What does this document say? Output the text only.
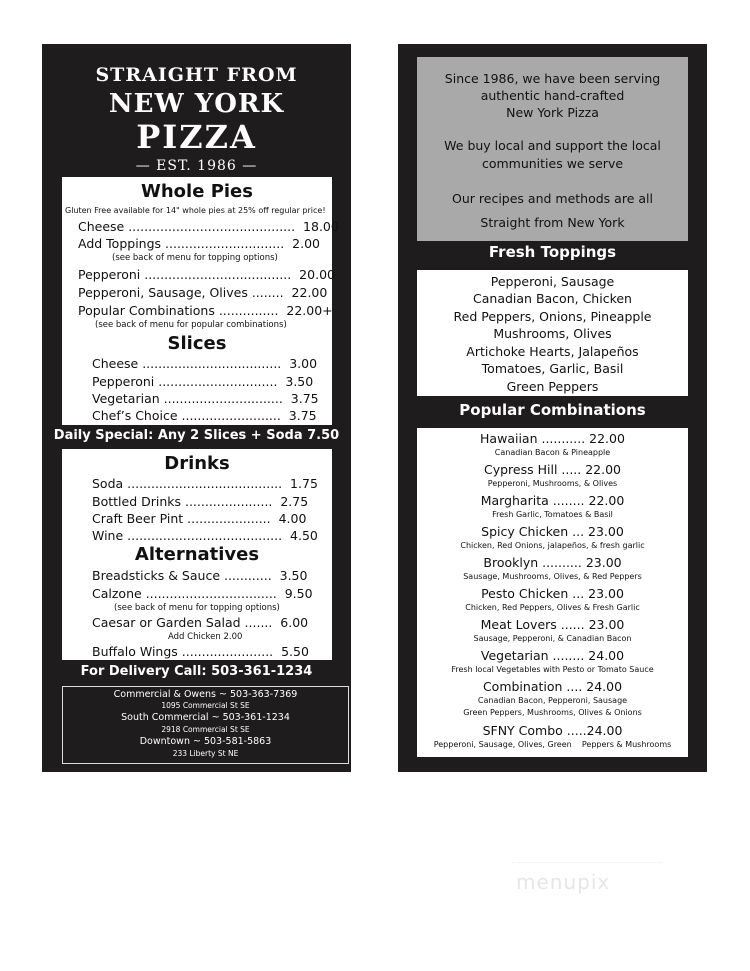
STRAIGHT FROM
NEW YORK
PIZZA
— EST. 1986 —
Whole Pies
Gluten Free available for 14" whole pies at 25% off regular price!
Cheese ..........................................  18.00
Add Toppings ..............................  2.00
(see back of menu for topping options)
Pepperoni .....................................  20.00
Pepperoni, Sausage, Olives ........  22.00
Popular Combinations ...............  22.00+
(see back of menu for popular combinations)
Slices
Cheese ...................................  3.00
Pepperoni ..............................  3.50
Vegetarian ..............................  3.75
Chef’s Choice .........................  3.75
Daily Special: Any 2 Slices + Soda 7.50
Drinks
Soda .......................................  1.75
Bottled Drinks ......................  2.75
Craft Beer Pint .....................  4.00
Wine .......................................  4.50
Alternatives
Breadsticks & Sauce ............  3.50
Calzone .................................  9.50
(see back of menu for topping options)
Caesar or Garden Salad .......  6.00
Add Chicken 2.00
Buffalo Wings .......................  5.50
For Delivery Call: 503-361-1234
Commercial & Owens ~ 503-363-7369
1095 Commercial St SE
South Commercial ~ 503-361-1234
2918 Commercial St SE
Downtown ~ 503-581-5863
233 Liberty St NE
Since 1986, we have been serving
authentic hand-crafted
New York Pizza
We buy local and support the local
communities we serve
Our recipes and methods are all
Straight from New York
Fresh Toppings
Pepperoni, Sausage
Canadian Bacon, Chicken
Red Peppers, Onions, Pineapple
Mushrooms, Olives
Artichoke Hearts, Jalapeños
Tomatoes, Garlic, Basil
Green Peppers
Popular Combinations
Hawaiian ........... 22.00
Canadian Bacon & Pineapple
Cypress Hill ..... 22.00
Pepperoni, Mushrooms, & Olives
Margharita ........ 22.00
Fresh Garlic, Tomatoes & Basil
Spicy Chicken ... 23.00
Chicken, Red Onions, jalapeños, & fresh garlic
Brooklyn .......... 23.00
Sausage, Mushrooms, Olives, & Red Peppers
Pesto Chicken ... 23.00
Chicken, Red Peppers, Olives & Fresh Garlic
Meat Lovers ...... 23.00
Sausage, Pepperoni, & Canadian Bacon
Vegetarian ........ 24.00
Fresh local Vegetables with Pesto or Tomato Sauce
Combination .... 24.00
Canadian Bacon, Pepperoni, Sausage
Green Peppers, Mushrooms, Olives & Onions
SFNY Combo .....24.00
Pepperoni, Sausage, Olives, Green    Peppers & Mushrooms
menupix
